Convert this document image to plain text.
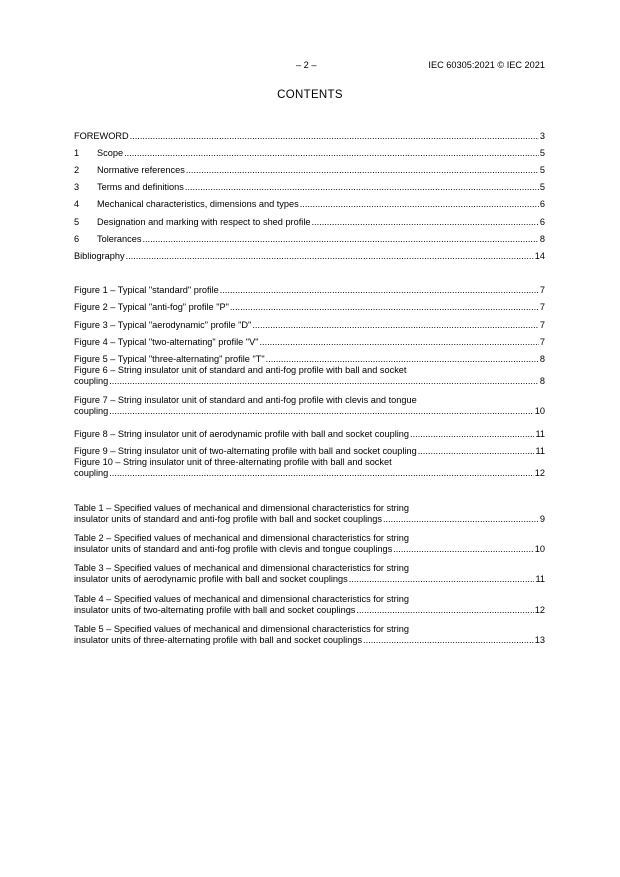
– 2 –	IEC 60305:2021 © IEC 2021
CONTENTS
FOREWORD .....	3
1	Scope .....	5
2	Normative references .....	5
3	Terms and definitions .....	5
4	Mechanical characteristics, dimensions and types .....	6
5	Designation and marking with respect to shed profile .....	6
6	Tolerances .....	8
Bibliography .....	14
Figure 1 – Typical "standard" profile .....	7
Figure 2 – Typical "anti-fog" profile "P" .....	7
Figure 3 – Typical "aerodynamic" profile "D" .....	7
Figure 4 – Typical "two-alternating" profile "V" .....	7
Figure 5 – Typical "three-alternating" profile "T" .....	8
Figure 6 – String insulator unit of standard and anti-fog profile with ball and socket
coupling .....	8
Figure 7 – String insulator unit of standard and anti-fog profile with clevis and tongue
coupling .....	10
Figure 8 – String insulator unit of aerodynamic profile with ball and socket coupling .....	11
Figure 9 – String insulator unit of two-alternating profile with ball and socket coupling .....	11
Figure 10 – String insulator unit of three-alternating profile with ball and socket
coupling .....	12
Table 1 – Specified values of mechanical and dimensional characteristics for string
insulator units of standard and anti-fog profile with ball and socket couplings .....	9
Table 2 – Specified values of mechanical and dimensional characteristics for string
insulator units of standard and anti-fog profile with clevis and tongue couplings .....	10
Table 3 – Specified values of mechanical and dimensional characteristics for string
insulator units of aerodynamic profile with ball and socket couplings .....	11
Table 4 – Specified values of mechanical and dimensional characteristics for string
insulator units of two-alternating profile with ball and socket couplings .....	12
Table 5 – Specified values of mechanical and dimensional characteristics for string
insulator units of three-alternating profile with ball and socket couplings .....	13
